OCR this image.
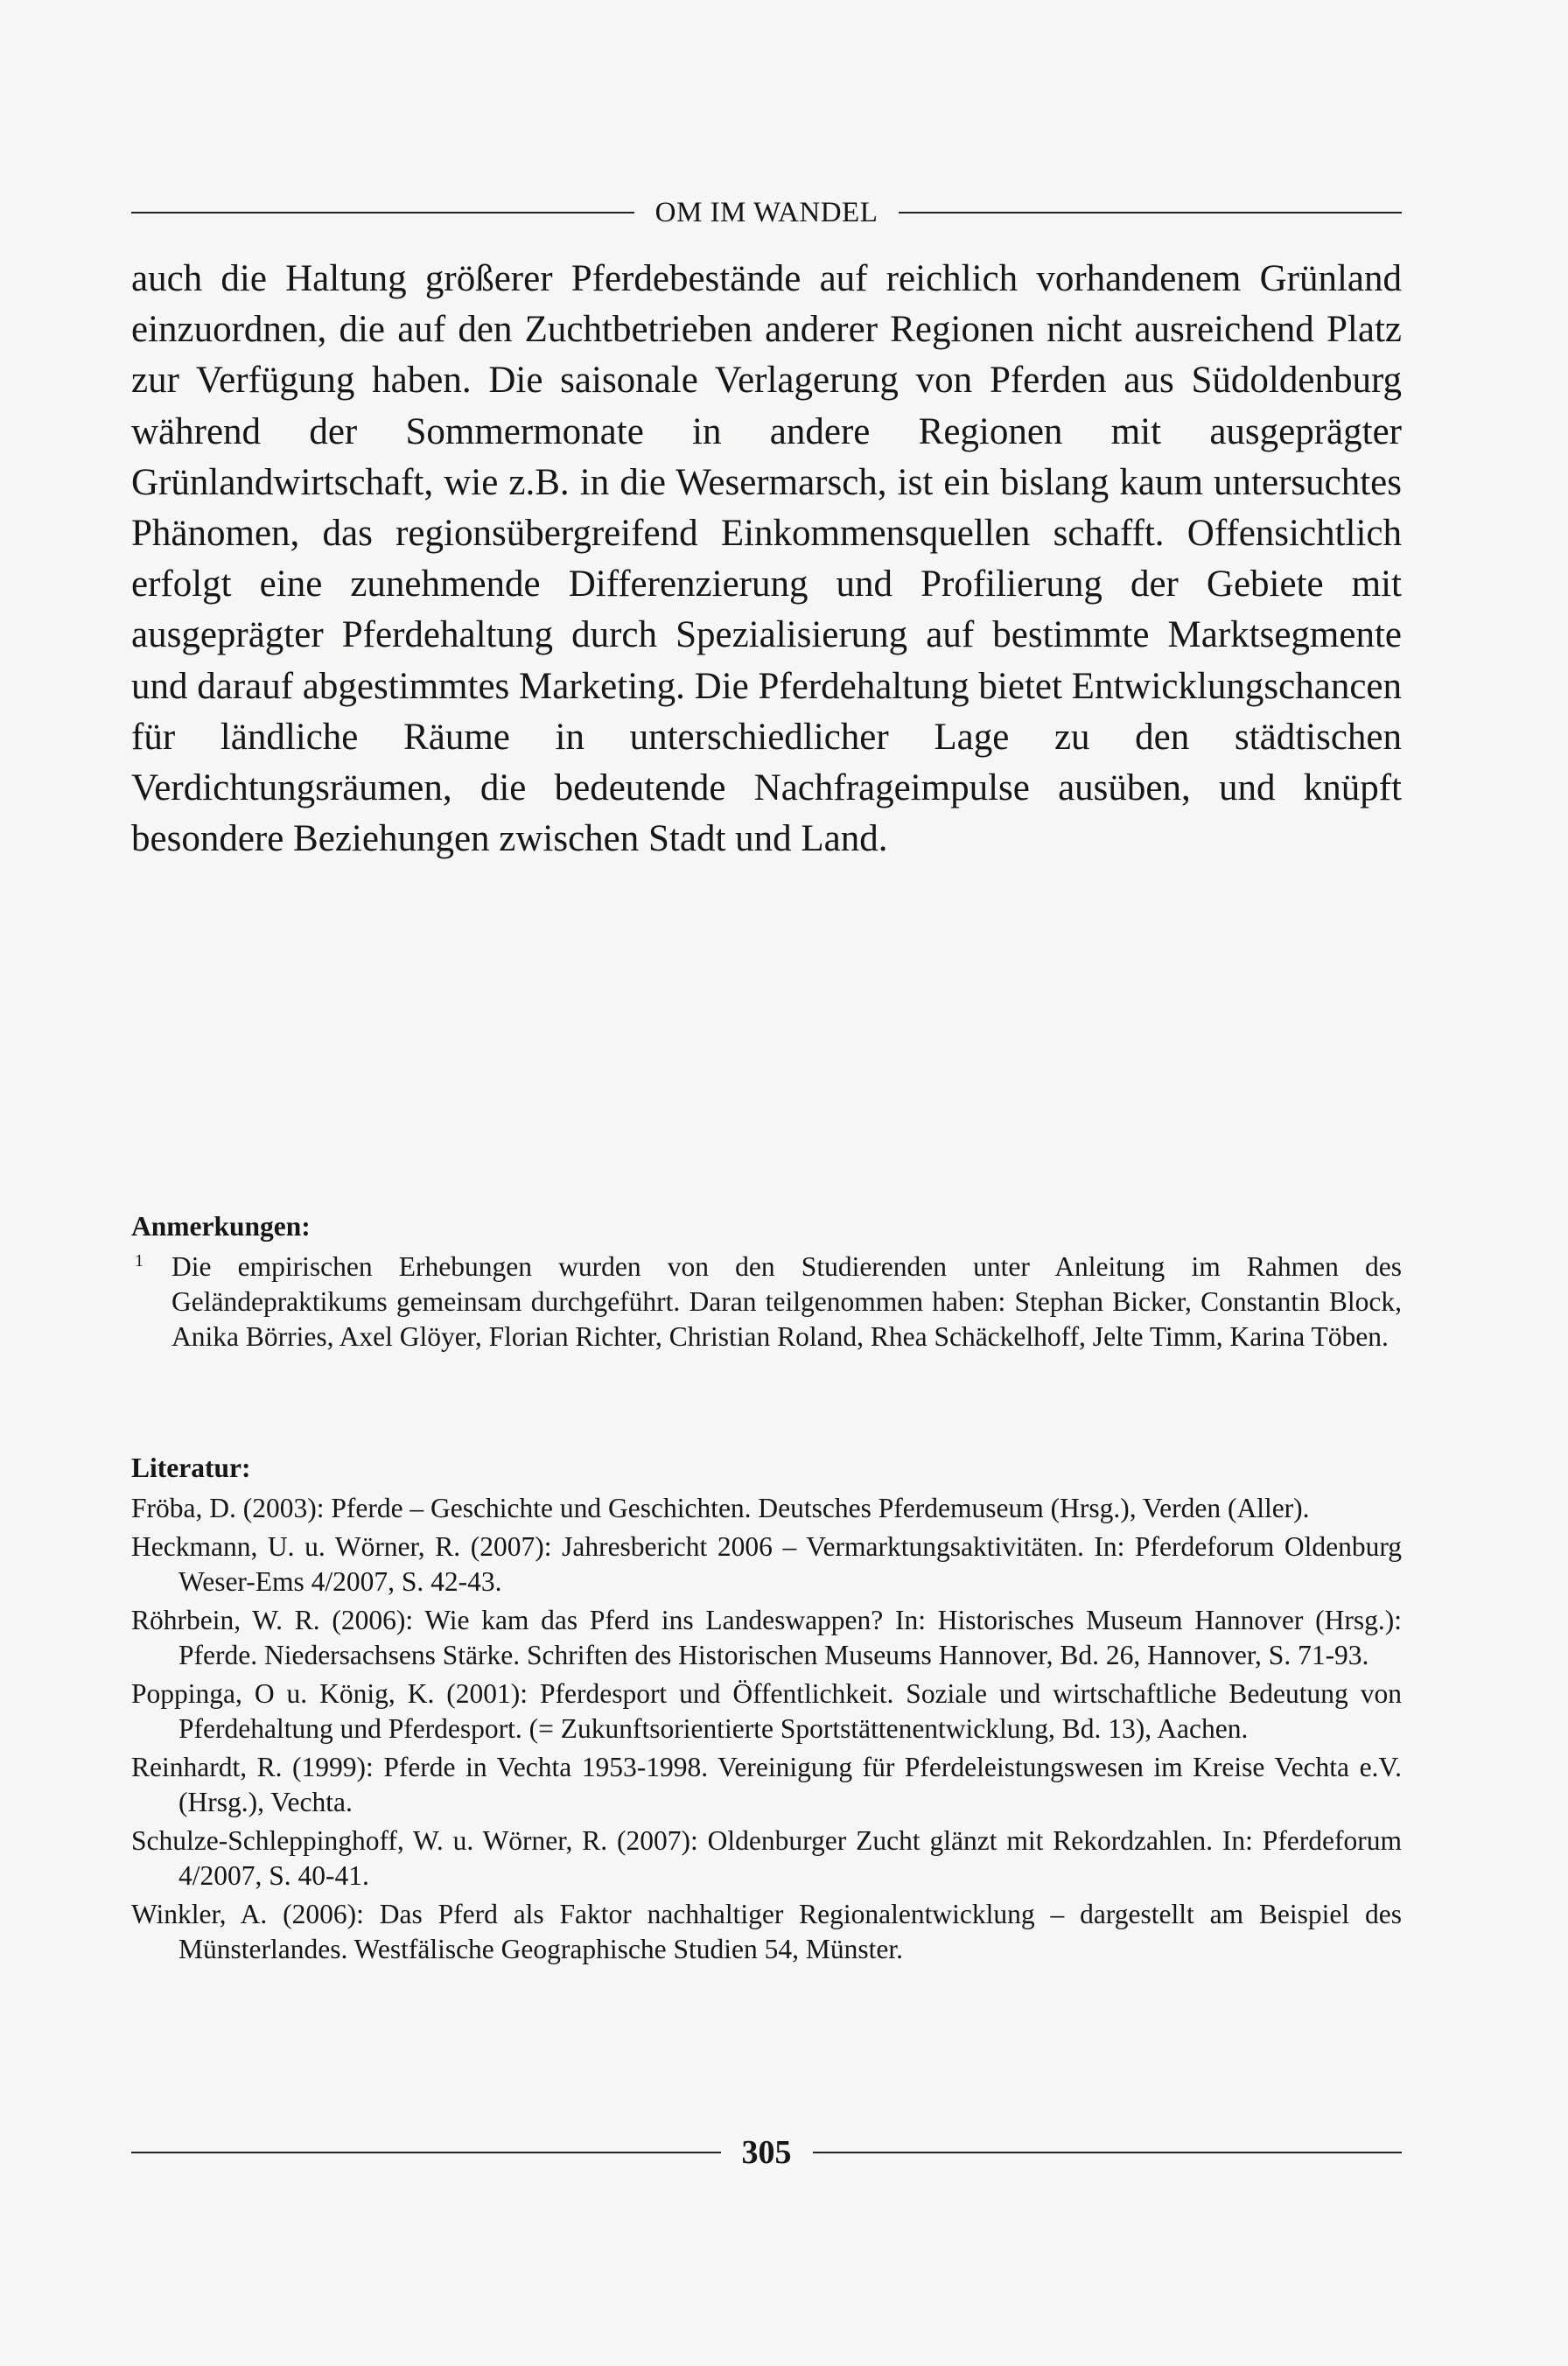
OM IM WANDEL

auch die Haltung größerer Pferdebestände auf reichlich vorhandenem Grünland einzuordnen, die auf den Zuchtbetrieben anderer Regionen nicht ausreichend Platz zur Verfügung haben. Die saisonale Verlagerung von Pferden aus Südoldenburg während der Sommermonate in andere Regionen mit ausgeprägter Grünlandwirtschaft, wie z.B. in die Wesermarsch, ist ein bislang kaum untersuchtes Phänomen, das regionsübergreifend Einkommensquellen schafft. Offensichtlich erfolgt eine zunehmende Differenzierung und Profilierung der Gebiete mit ausgeprägter Pferdehaltung durch Spezialisierung auf bestimmte Marktsegmente und darauf abgestimmtes Marketing. Die Pferdehaltung bietet Entwicklungschancen für ländliche Räume in unterschiedlicher Lage zu den städtischen Verdichtungsräumen, die bedeutende Nachfrageimpulse ausüben, und knüpft besondere Beziehungen zwischen Stadt und Land.

Anmerkungen:
1	Die empirischen Erhebungen wurden von den Studierenden unter Anleitung im Rahmen des Geländepraktikums gemeinsam durchgeführt. Daran teilgenommen haben: Stephan Bicker, Constantin Block, Anika Börries, Axel Glöyer, Florian Richter, Christian Roland, Rhea Schäckelhoff, Jelte Timm, Karina Töben.

Literatur:

Fröba, D. (2003): Pferde – Geschichte und Geschichten. Deutsches Pferdemuseum (Hrsg.), Verden (Aller).

Heckmann, U. u. Wörner, R. (2007): Jahresbericht 2006 – Vermarktungsaktivitäten. In: Pferdeforum Oldenburg Weser-Ems 4/2007, S. 42-43.

Röhrbein, W. R. (2006): Wie kam das Pferd ins Landeswappen? In: Historisches Museum Hannover (Hrsg.): Pferde. Niedersachsens Stärke. Schriften des Historischen Museums Hannover, Bd. 26, Hannover, S. 71-93.

Poppinga, O u. König, K. (2001): Pferdesport und Öffentlichkeit. Soziale und wirtschaftliche Bedeutung von Pferdehaltung und Pferdesport. (= Zukunftsorientierte Sportstättenentwicklung, Bd. 13), Aachen.

Reinhardt, R. (1999): Pferde in Vechta 1953-1998. Vereinigung für Pferdeleistungswesen im Kreise Vechta e.V. (Hrsg.), Vechta.

Schulze-Schleppinghoff, W. u. Wörner, R. (2007): Oldenburger Zucht glänzt mit Rekordzahlen. In: Pferdeforum 4/2007, S. 40-41.

Winkler, A. (2006): Das Pferd als Faktor nachhaltiger Regionalentwicklung – dargestellt am Beispiel des Münsterlandes. Westfälische Geographische Studien 54, Münster.

305
